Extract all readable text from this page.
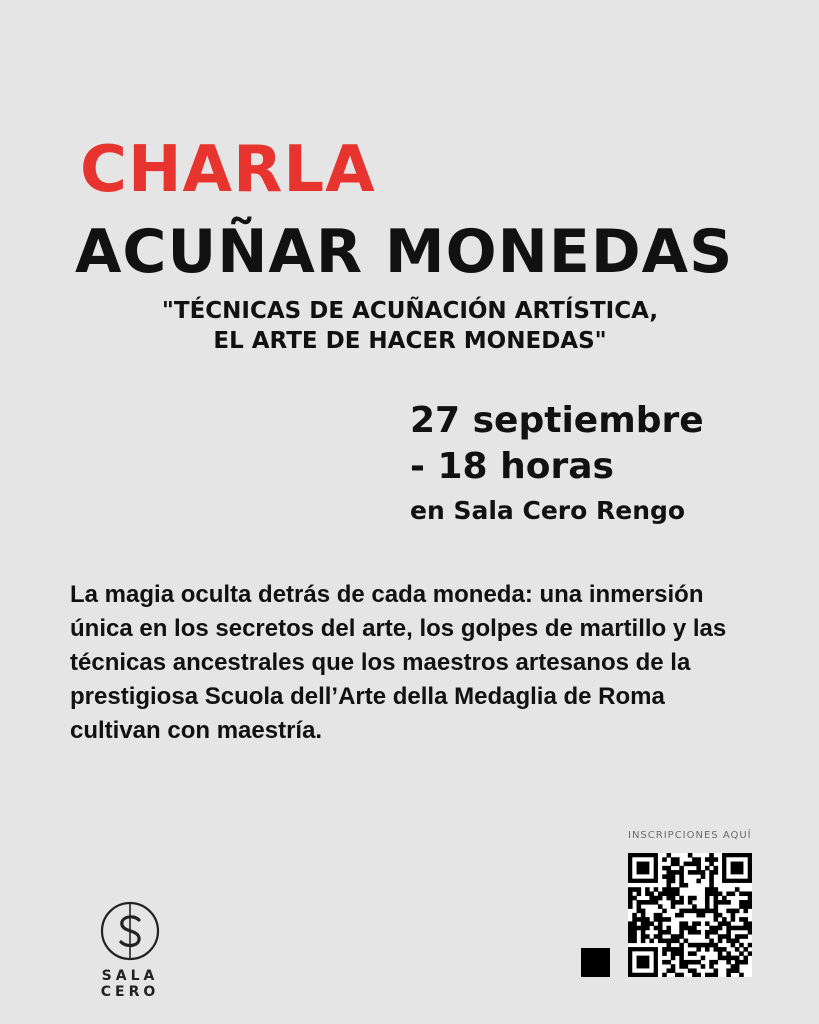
CHARLA
ACUÑAR MONEDAS
"TÉCNICAS DE ACUÑACIÓN ARTÍSTICA,
EL ARTE DE HACER MONEDAS"
27 septiembre
- 18 horas
en Sala Cero Rengo
La magia oculta detrás de cada moneda: una inmersión única en los secretos del arte, los golpes de martillo y las técnicas ancestrales que los maestros artesanos de la prestigiosa Scuola dell’Arte della Medaglia de Roma cultivan con maestría.
SALA CERO
INSCRIPCIONES AQUÍ
